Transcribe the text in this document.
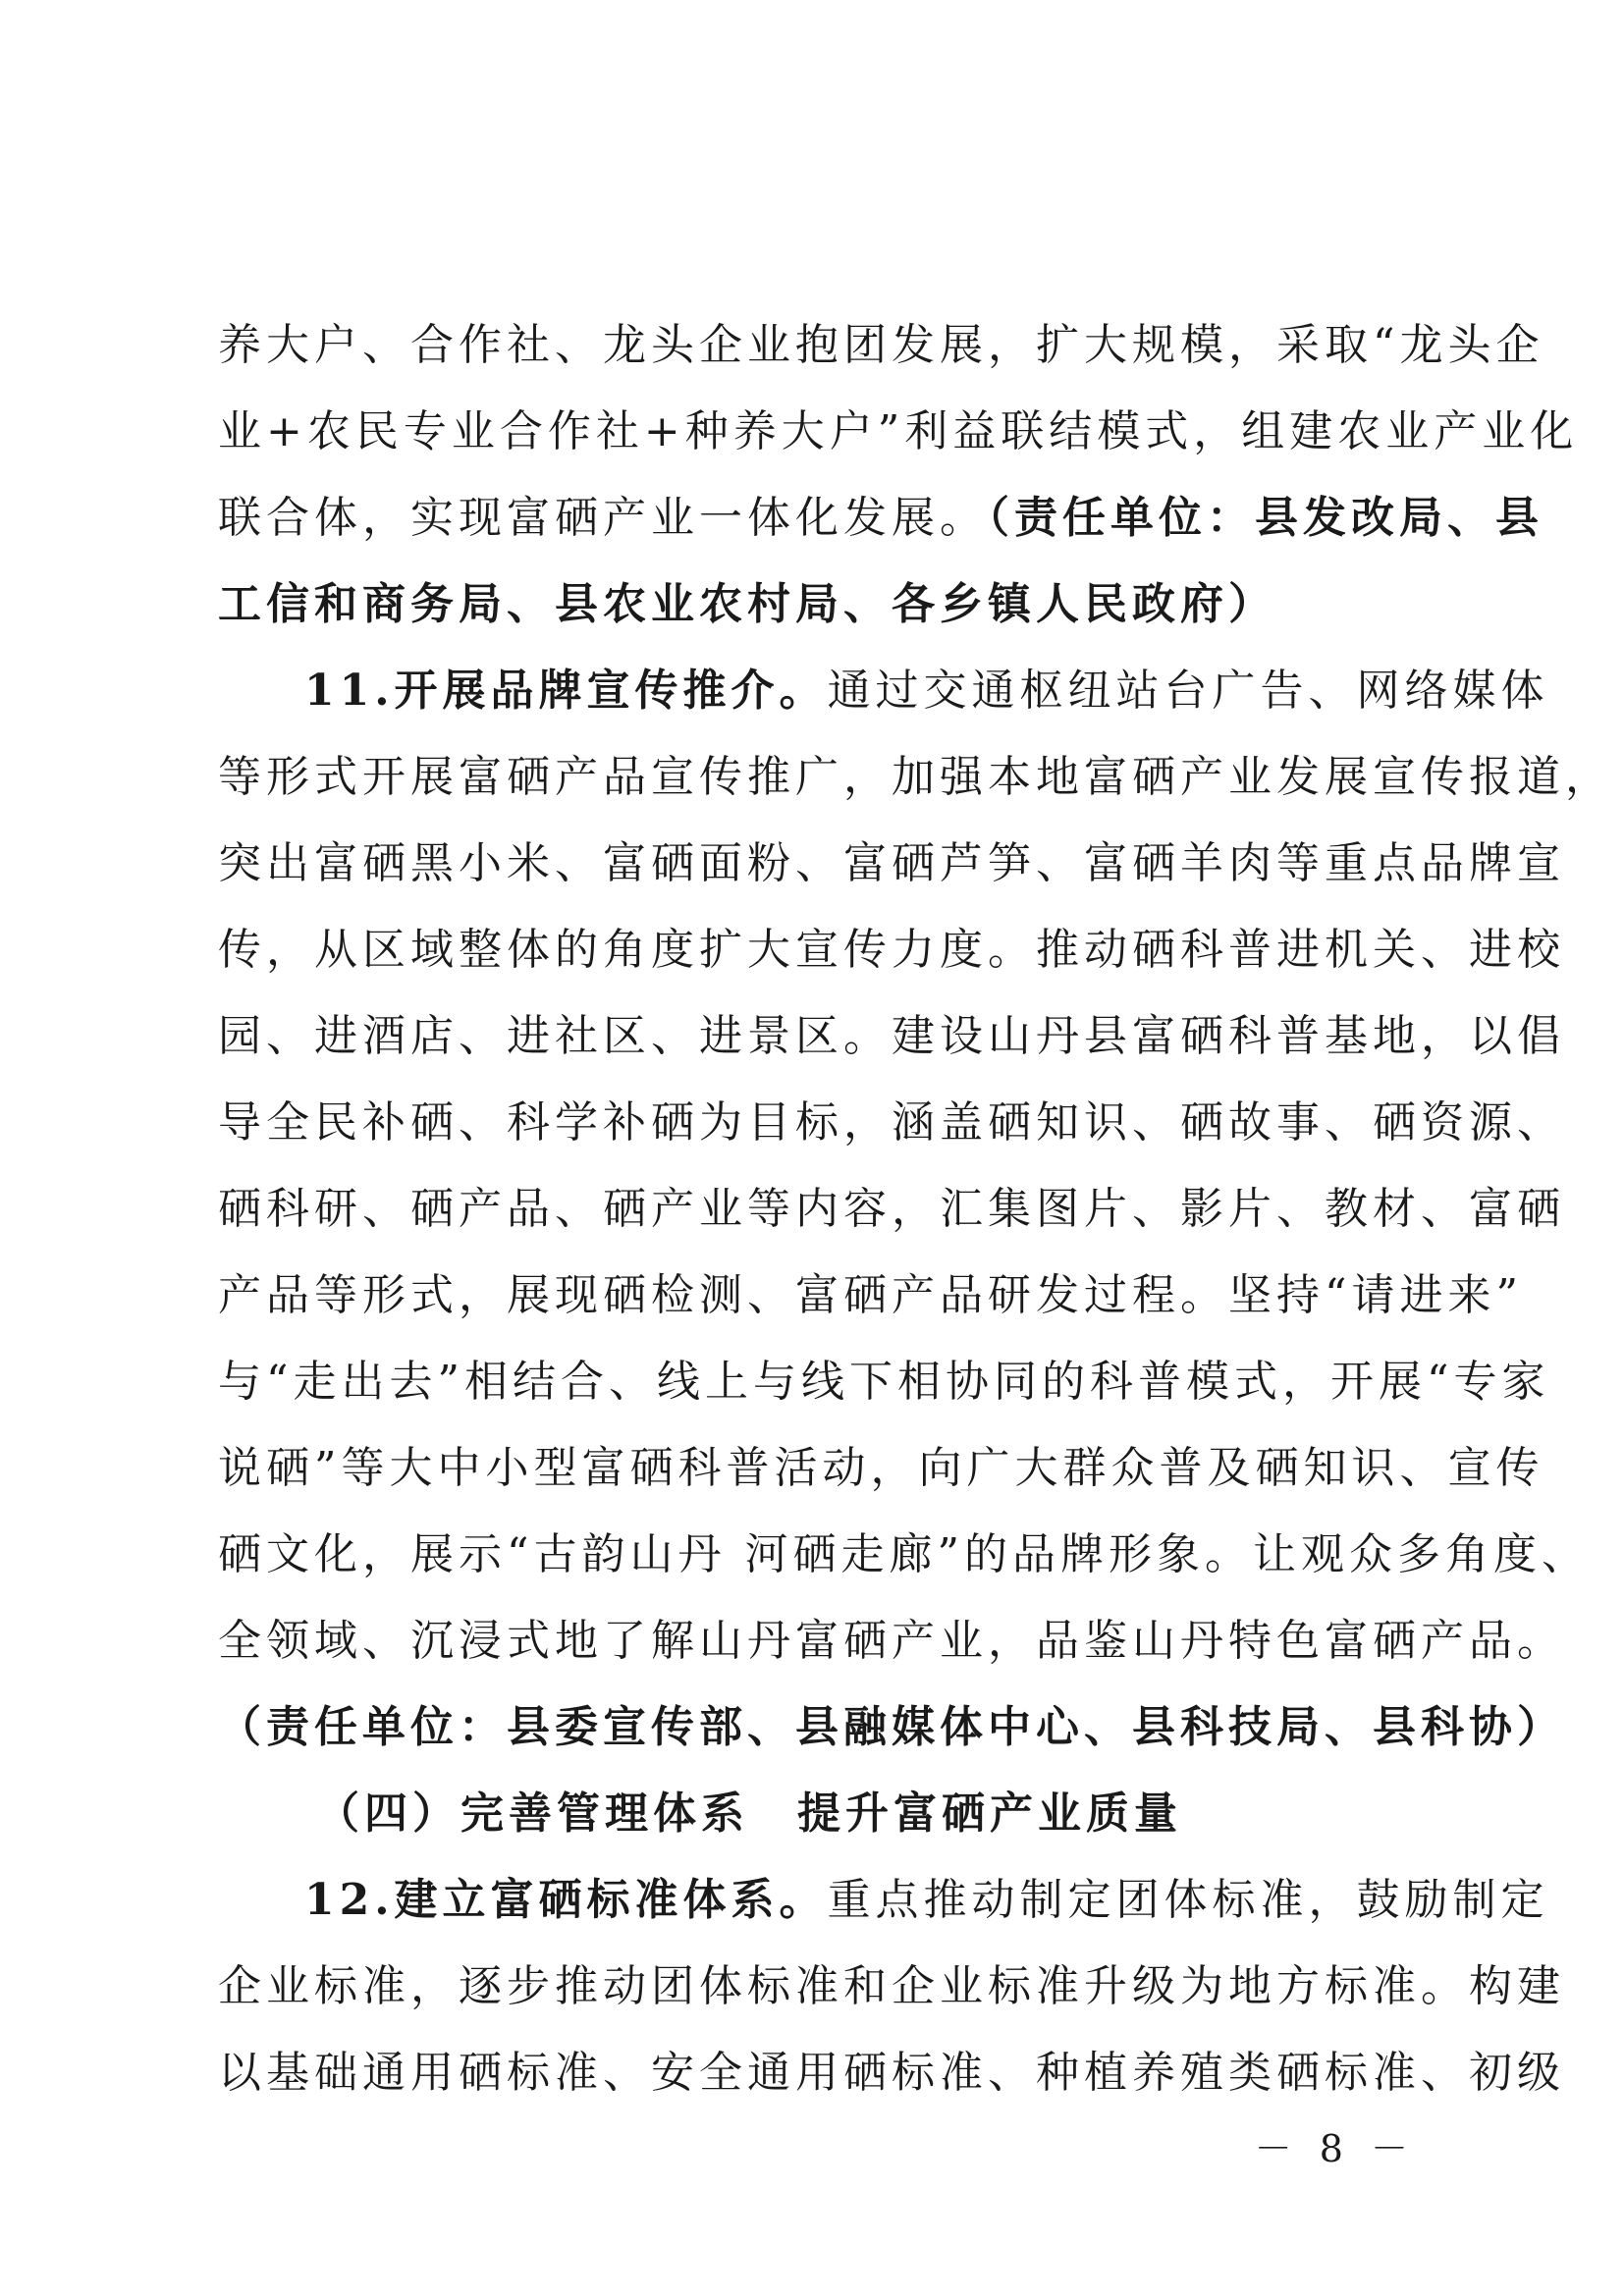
养大户、合作社、龙头企业抱团发展，扩大规模，采取“龙头企
业+农民专业合作社+种养大户”利益联结模式，组建农业产业化
联合体，实现富硒产业一体化发展。（责任单位：县发改局、县
工信和商务局、县农业农村局、各乡镇人民政府）
11.开展品牌宣传推介。通过交通枢纽站台广告、网络媒体
等形式开展富硒产品宣传推广，加强本地富硒产业发展宣传报道，
突出富硒黑小米、富硒面粉、富硒芦笋、富硒羊肉等重点品牌宣
传，从区域整体的角度扩大宣传力度。推动硒科普进机关、进校
园、进酒店、进社区、进景区。建设山丹县富硒科普基地，以倡
导全民补硒、科学补硒为目标，涵盖硒知识、硒故事、硒资源、
硒科研、硒产品、硒产业等内容，汇集图片、影片、教材、富硒
产品等形式，展现硒检测、富硒产品研发过程。坚持“请进来”
与“走出去”相结合、线上与线下相协同的科普模式，开展“专家
说硒”等大中小型富硒科普活动，向广大群众普及硒知识、宣传
硒文化，展示“古韵山丹 河硒走廊”的品牌形象。让观众多角度、
全领域、沉浸式地了解山丹富硒产业，品鉴山丹特色富硒产品。
（责任单位：县委宣传部、县融媒体中心、县科技局、县科协）
（四）完善管理体系　提升富硒产业质量
12.建立富硒标准体系。重点推动制定团体标准，鼓励制定
企业标准，逐步推动团体标准和企业标准升级为地方标准。构建
以基础通用硒标准、安全通用硒标准、种植养殖类硒标准、初级
－ 8 －
